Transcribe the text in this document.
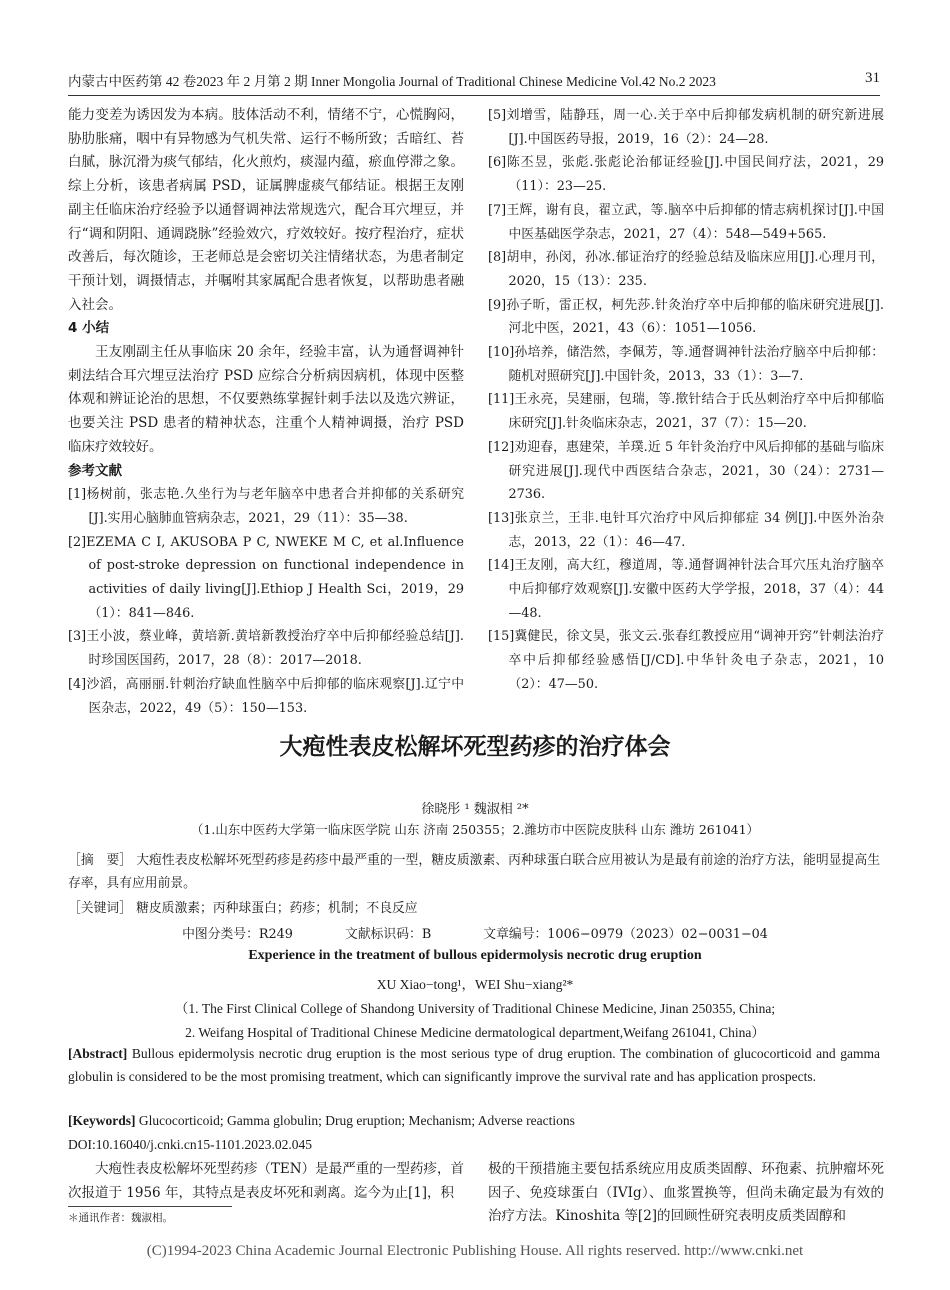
内蒙古中医药第 42 卷2023 年 2 月第 2 期 Inner Mongolia Journal of Traditional Chinese Medicine Vol.42 No.2 2023	31

能力变差为诱因发为本病。肢体活动不利，情绪不宁，心慌胸闷，胁肋胀痛，咽中有异物感为气机失常、运行不畅所致；舌暗红、苔白腻，脉沉滑为痰气郁结，化火煎灼，痰湿内蕴，瘀血停滞之象。综上分析，该患者病属 PSD，证属脾虚痰气郁结证。根据王友刚副主任临床治疗经验予以通督调神法常规选穴，配合耳穴埋豆，并行“调和阴阳、通调跷脉”经验效穴，疗效较好。按疗程治疗，症状改善后，每次随诊，王老师总是会密切关注情绪状态，为患者制定干预计划，调摄情志，并嘱咐其家属配合患者恢复，以帮助患者融入社会。

4 小结

王友刚副主任从事临床 20 余年，经验丰富，认为通督调神针刺法结合耳穴埋豆法治疗 PSD 应综合分析病因病机，体现中医整体观和辨证论治的思想，不仅要熟练掌握针刺手法以及选穴辨证，也要关注 PSD 患者的精神状态，注重个人精神调摄，治疗 PSD 临床疗效较好。

参考文献

[1]杨树前，张志艳.久坐行为与老年脑卒中患者合并抑郁的关系研究[J].实用心脑肺血管病杂志，2021，29（11）：35—38.

[2]EZEMA C I, AKUSOBA P C, NWEKE M C, et al.Influence of post-stroke depression on functional independence in activities of daily living[J].Ethiop J Health Sci，2019，29（1）：841—846.

[3]王小波，蔡业峰，黄培新.黄培新教授治疗卒中后抑郁经验总结[J].时珍国医国药，2017，28（8）：2017—2018.

[4]沙滔，高丽丽.针刺治疗缺血性脑卒中后抑郁的临床观察[J].辽宁中医杂志，2022，49（5）：150—153.

[5]刘增雪，陆静珏，周一心.关于卒中后抑郁发病机制的研究新进展[J].中国医药导报，2019，16（2）：24—28.

[6]陈丕昱，张彪.张彪论治郁证经验[J].中国民间疗法，2021，29（11）：23—25.

[7]王辉，谢有良，翟立武，等.脑卒中后抑郁的情志病机探讨[J].中国中医基础医学杂志，2021，27（4）：548—549+565.

[8]胡申，孙闵，孙冰.郁证治疗的经验总结及临床应用[J].心理月刊，2020，15（13）：235.

[9]孙子昕，雷正权，柯先莎.针灸治疗卒中后抑郁的临床研究进展[J].河北中医，2021，43（6）：1051—1056.

[10]孙培养，储浩然，李佩芳，等.通督调神针法治疗脑卒中后抑郁：随机对照研究[J].中国针灸，2013，33（1）：3—7.

[11]王永亮，吴建丽，包瑞，等.揿针结合于氏丛刺治疗卒中后抑郁临床研究[J].针灸临床杂志，2021，37（7）：15—20.

[12]劝迎春，惠建荣，羊璞.近 5 年针灸治疗中风后抑郁的基础与临床研究进展[J].现代中西医结合杂志，2021，30（24）：2731—2736.

[13]张京兰，王非.电针耳穴治疗中风后抑郁症 34 例[J].中医外治杂志，2013，22（1）：46—47.

[14]王友刚，高大红，穆道周，等.通督调神针法合耳穴压丸治疗脑卒中后抑郁疗效观察[J].安徽中医药大学学报，2018，37（4）：44—48.

[15]冀健民，徐文昊，张文云.张春红教授应用“调神开窍”针刺法治疗卒中后抑郁经验感悟[J/CD].中华针灸电子杂志，2021，10（2）：47—50.

大疱性表皮松解坏死型药疹的治疗体会
徐晓彤 ¹ 魏淑相 ²*
（1.山东中医药大学第一临床医学院 山东 济南 250355；2.潍坊市中医院皮肤科 山东 潍坊 261041）
［摘　要］ 大疱性表皮松解坏死型药疹是药疹中最严重的一型，糖皮质激素、丙种球蛋白联合应用被认为是最有前途的治疗方法，能明显提高生存率，具有应用前景。
［关键词］ 糖皮质激素；丙种球蛋白；药疹；机制；不良反应
中图分类号：R249	文献标识码：B	文章编号：1006−0979（2023）02−0031−04
Experience in the treatment of bullous epidermolysis necrotic drug eruption
XU Xiao−tong¹，WEI Shu−xiang²*
（1. The First Clinical College of Shandong University of Traditional Chinese Medicine, Jinan 250355, China;
2. Weifang Hospital of Traditional Chinese Medicine dermatological department,Weifang 261041, China）
[Abstract] Bullous epidermolysis necrotic drug eruption is the most serious type of drug eruption. The combination of glucocorticoid and gamma globulin is considered to be the most promising treatment, which can significantly improve the survival rate and has application prospects.
[Keywords] Glucocorticoid; Gamma globulin; Drug eruption; Mechanism; Adverse reactions
DOI:10.16040/j.cnki.cn15-1101.2023.02.045

大疱性表皮松解坏死型药疹（TEN）是最严重的一型药疹，首次报道于 1956 年，其特点是表皮坏死和剥离。迄今为止[1]，积

极的干预措施主要包括系统应用皮质类固醇、环孢素、抗肿瘤坏死因子、免疫球蛋白（IVIg）、血浆置换等，但尚未确定最为有效的治疗方法。Kinoshita 等[2]的回顾性研究表明皮质类固醇和

＊通讯作者：魏淑相。
(C)1994-2023 China Academic Journal Electronic Publishing House. All rights reserved. http://www.cnki.net
